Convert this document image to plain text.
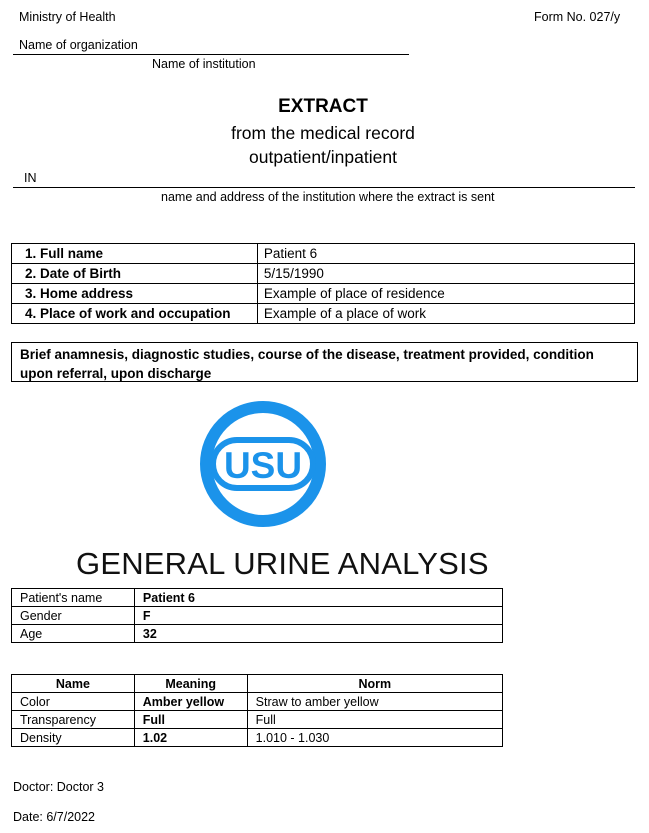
Ministry of Health	Form No. 027/y
Name of organization
Name of institution
EXTRACT
from the medical record
outpatient/inpatient
IN
name and address of the institution where the extract is sent
1. Full name	Patient 6
2. Date of Birth	5/15/1990
3. Home address	Example of place of residence
4. Place of work and occupation	Example of a place of work
Brief anamnesis, diagnostic studies, course of the disease, treatment provided, condition upon referral, upon discharge
USU
GENERAL URINE ANALYSIS
Patient's name	Patient 6
Gender	F
Age	32
Name	Meaning	Norm
Color	Amber yellow	Straw to amber yellow
Transparency	Full	Full
Density	1.02	1.010 - 1.030
Doctor: Doctor 3
Date: 6/7/2022
